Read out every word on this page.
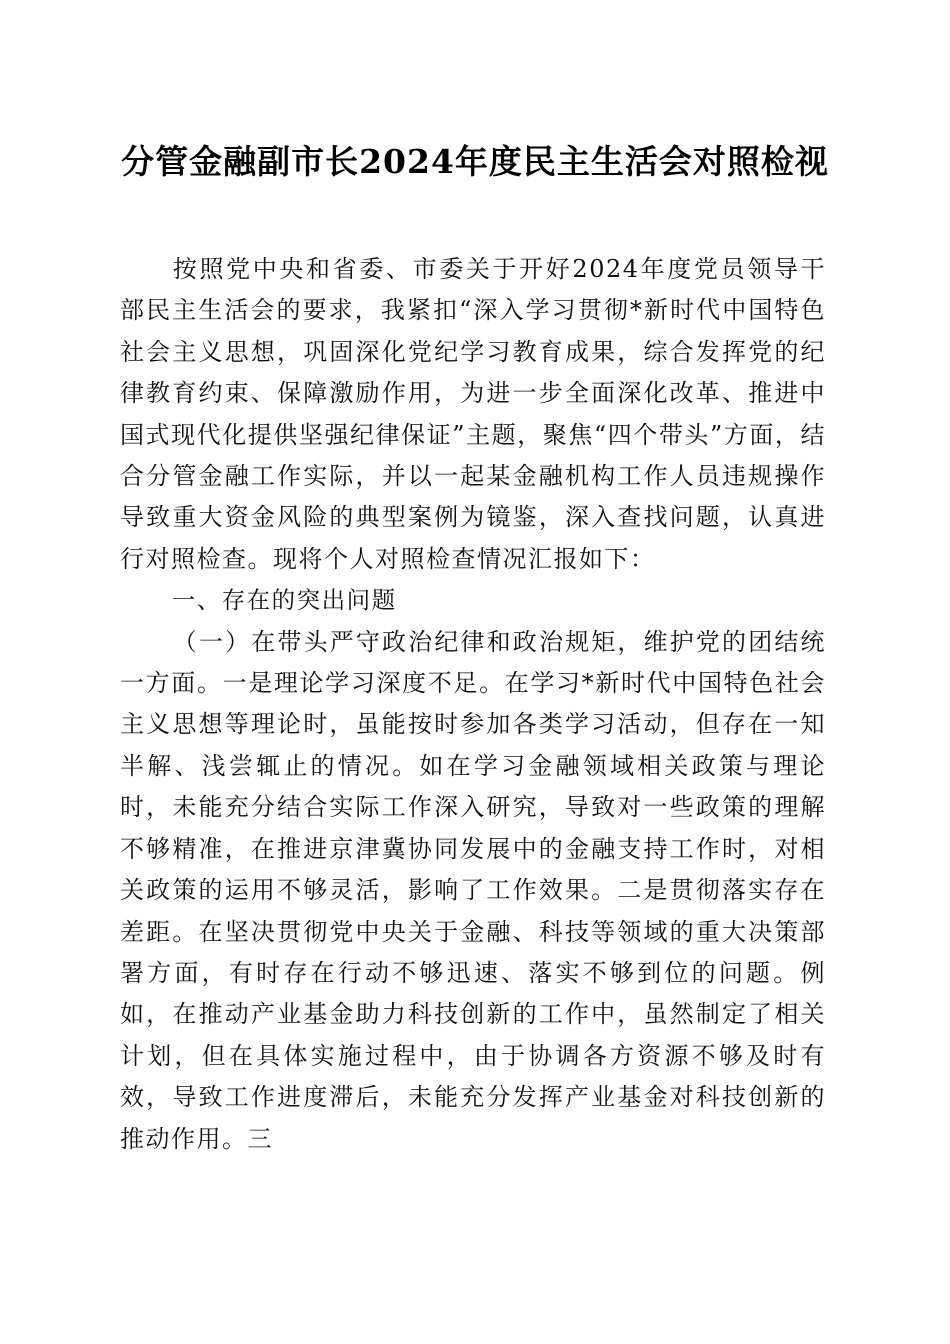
分管金融副市长2024年度民主生活会对照检视

按照党中央和省委、市委关于开好2024年度党员领导干部民主生活会的要求，我紧扣“深入学习贯彻*新时代中国特色社会主义思想，巩固深化党纪学习教育成果，综合发挥党的纪律教育约束、保障激励作用，为进一步全面深化改革、推进中国式现代化提供坚强纪律保证”主题，聚焦“四个带头”方面，结合分管金融工作实际，并以一起某金融机构工作人员违规操作导致重大资金风险的典型案例为镜鉴，深入查找问题，认真进行对照检查。现将个人对照检查情况汇报如下：

一、存在的突出问题

（一）在带头严守政治纪律和政治规矩，维护党的团结统一方面。一是理论学习深度不足。在学习*新时代中国特色社会主义思想等理论时，虽能按时参加各类学习活动，但存在一知半解、浅尝辄止的情况。如在学习金融领域相关政策与理论时，未能充分结合实际工作深入研究，导致对一些政策的理解不够精准，在推进京津冀协同发展中的金融支持工作时，对相关政策的运用不够灵活，影响了工作效果。二是贯彻落实存在差距。在坚决贯彻党中央关于金融、科技等领域的重大决策部署方面，有时存在行动不够迅速、落实不够到位的问题。例如，在推动产业基金助力科技创新的工作中，虽然制定了相关计划，但在具体实施过程中，由于协调各方资源不够及时有效，导致工作进度滞后，未能充分发挥产业基金对科技创新的推动作用。三
